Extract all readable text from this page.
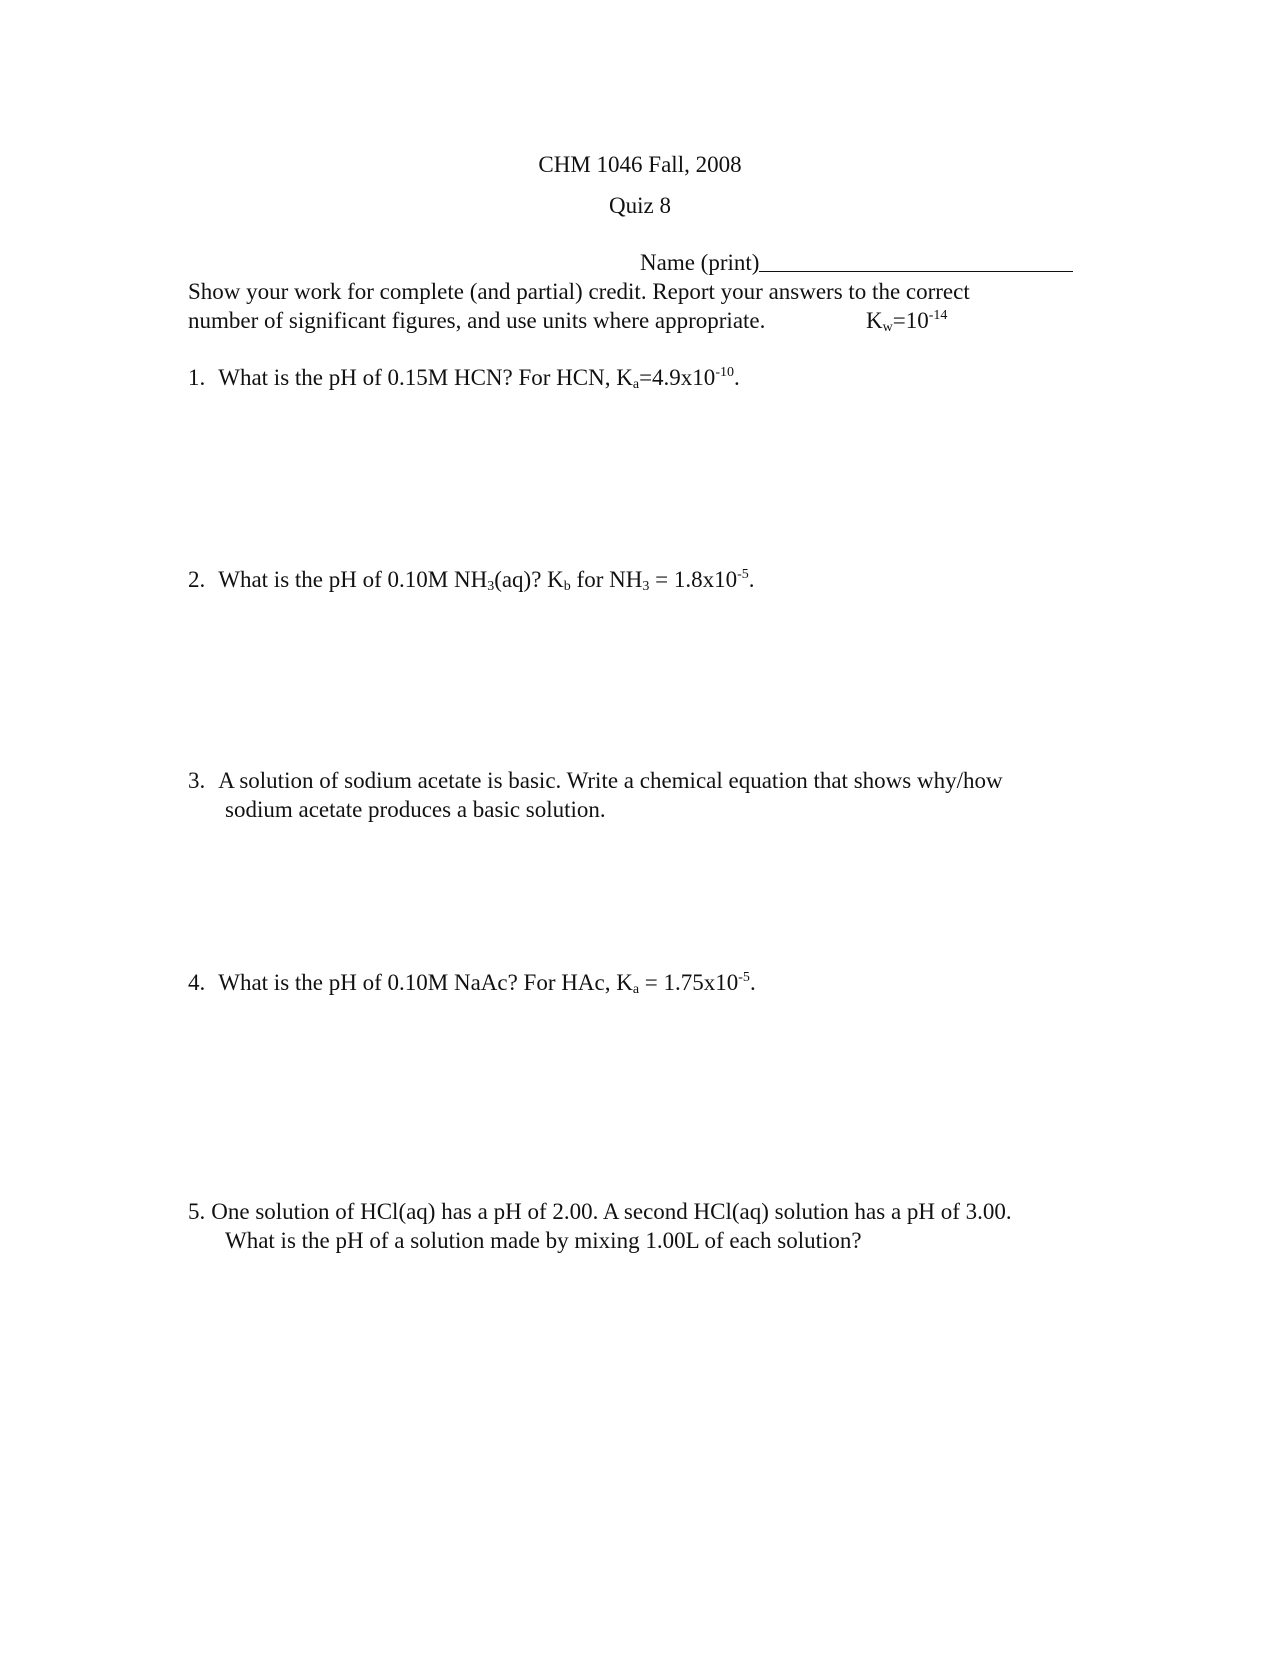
CHM 1046 Fall, 2008
Quiz 8
Name (print)
Show your work for complete (and partial) credit. Report your answers to the correct
number of significant figures, and use units where appropriate.	$K_w=10^{-14}$
1. What is the pH of 0.15M HCN? For HCN, $K_a=4.9x10^{-10}$.
2. What is the pH of 0.10M $NH_3(aq)$? $K_b$ for $NH_3 = 1.8x10^{-5}$.
3. A solution of sodium acetate is basic. Write a chemical equation that shows why/how
sodium acetate produces a basic solution.
4. What is the pH of 0.10M NaAc? For HAc, $K_a = 1.75x10^{-5}$.
5. One solution of HCl(aq) has a pH of 2.00. A second HCl(aq) solution has a pH of 3.00.
What is the pH of a solution made by mixing 1.00L of each solution?
